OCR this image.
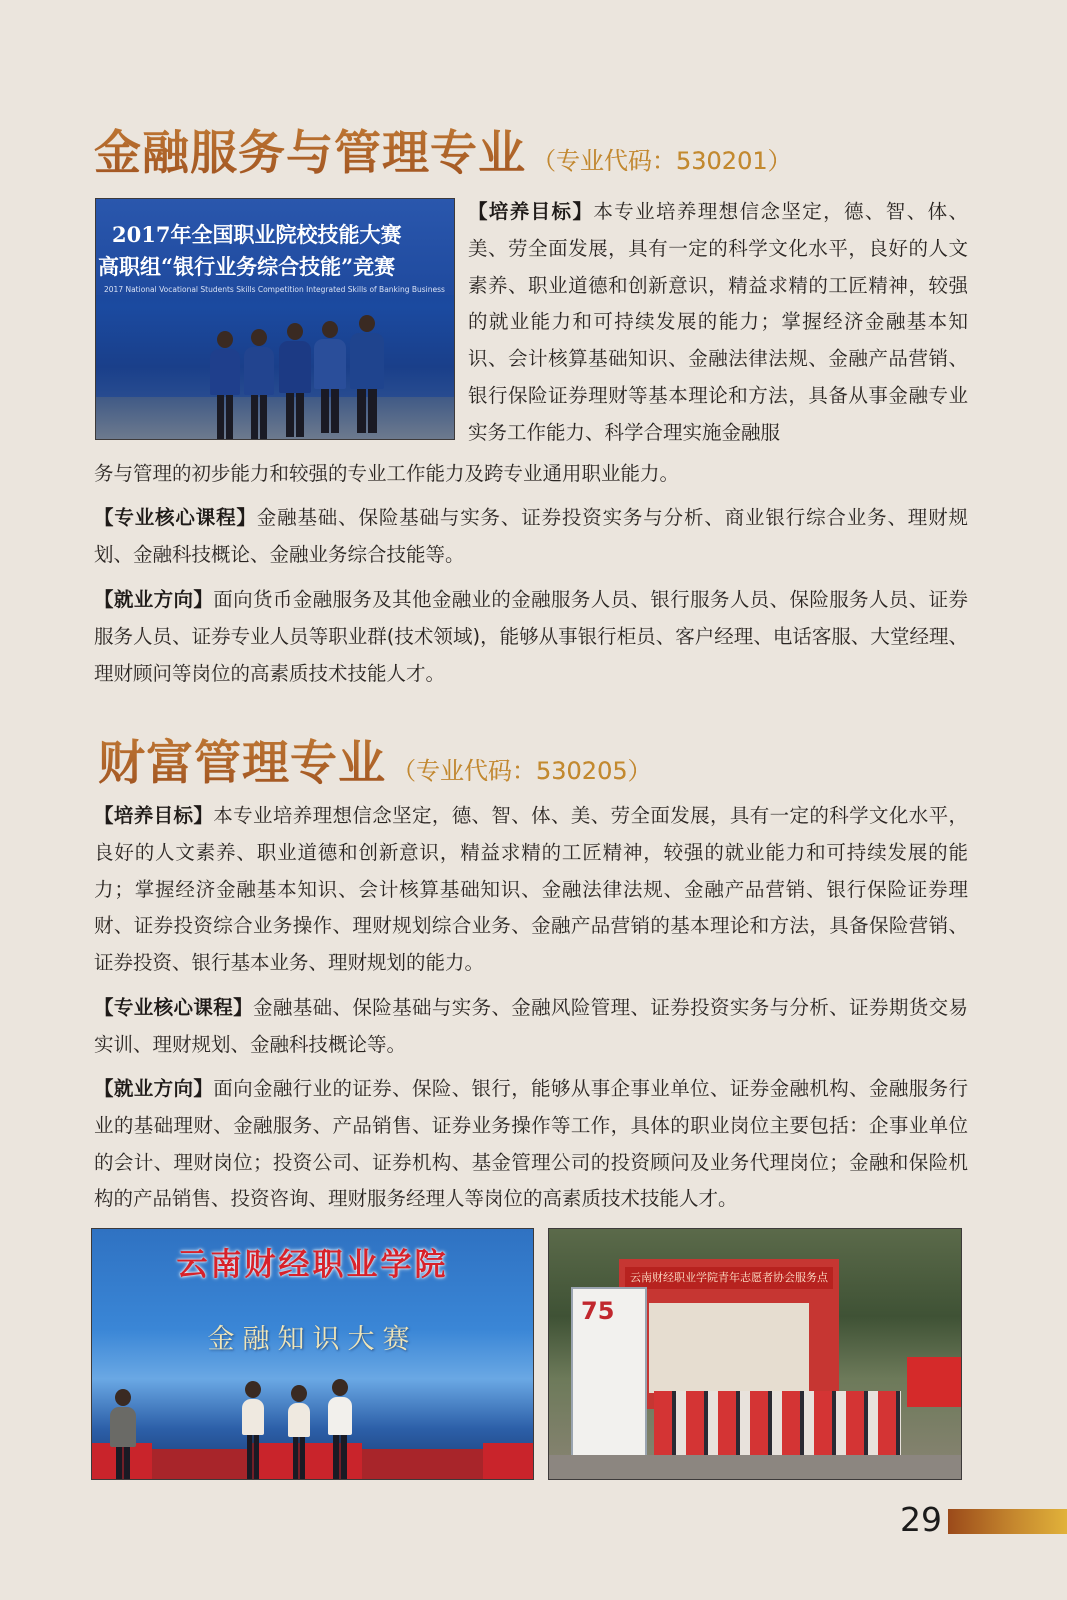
金融服务与管理专业 （专业代码：530201）
2017年全国职业院校技能大赛
高职组“银行业务综合技能”竞赛
2017 National Vocational Students Skills Competition Integrated Skills of Banking Business

【培养目标】本专业培养理想信念坚定，德、智、体、美、劳全面发展，具有一定的科学文化水平，良好的人文素养、职业道德和创新意识，精益求精的工匠精神，较强的就业能力和可持续发展的能力；掌握经济金融基本知识、会计核算基础知识、金融法律法规、金融产品营销、银行保险证券理财等基本理论和方法，具备从事金融专业实务工作能力、科学合理实施金融服

务与管理的初步能力和较强的专业工作能力及跨专业通用职业能力。

【专业核心课程】金融基础、保险基础与实务、证券投资实务与分析、商业银行综合业务、理财规划、金融科技概论、金融业务综合技能等。

【就业方向】面向货币金融服务及其他金融业的金融服务人员、银行服务人员、保险服务人员、证券服务人员、证券专业人员等职业群(技术领域)，能够从事银行柜员、客户经理、电话客服、大堂经理、理财顾问等岗位的高素质技术技能人才。

财富管理专业 （专业代码：530205）

【培养目标】本专业培养理想信念坚定，德、智、体、美、劳全面发展，具有一定的科学文化水平，良好的人文素养、职业道德和创新意识，精益求精的工匠精神，较强的就业能力和可持续发展的能力；掌握经济金融基本知识、会计核算基础知识、金融法律法规、金融产品营销、银行保险证券理财、证券投资综合业务操作、理财规划综合业务、金融产品营销的基本理论和方法，具备保险营销、证券投资、银行基本业务、理财规划的能力。

【专业核心课程】金融基础、保险基础与实务、金融风险管理、证券投资实务与分析、证券期货交易实训、理财规划、金融科技概论等。

【就业方向】面向金融行业的证券、保险、银行，能够从事企事业单位、证券金融机构、金融服务行业的基础理财、金融服务、产品销售、证券业务操作等工作，具体的职业岗位主要包括：企事业单位的会计、理财岗位；投资公司、证券机构、基金管理公司的投资顾问及业务代理岗位；金融和保险机构的产品销售、投资咨询、理财服务经理人等岗位的高素质技术技能人才。

云南财经职业学院
金融知识大赛
云南财经职业学院青年志愿者协会服务点
75
29
